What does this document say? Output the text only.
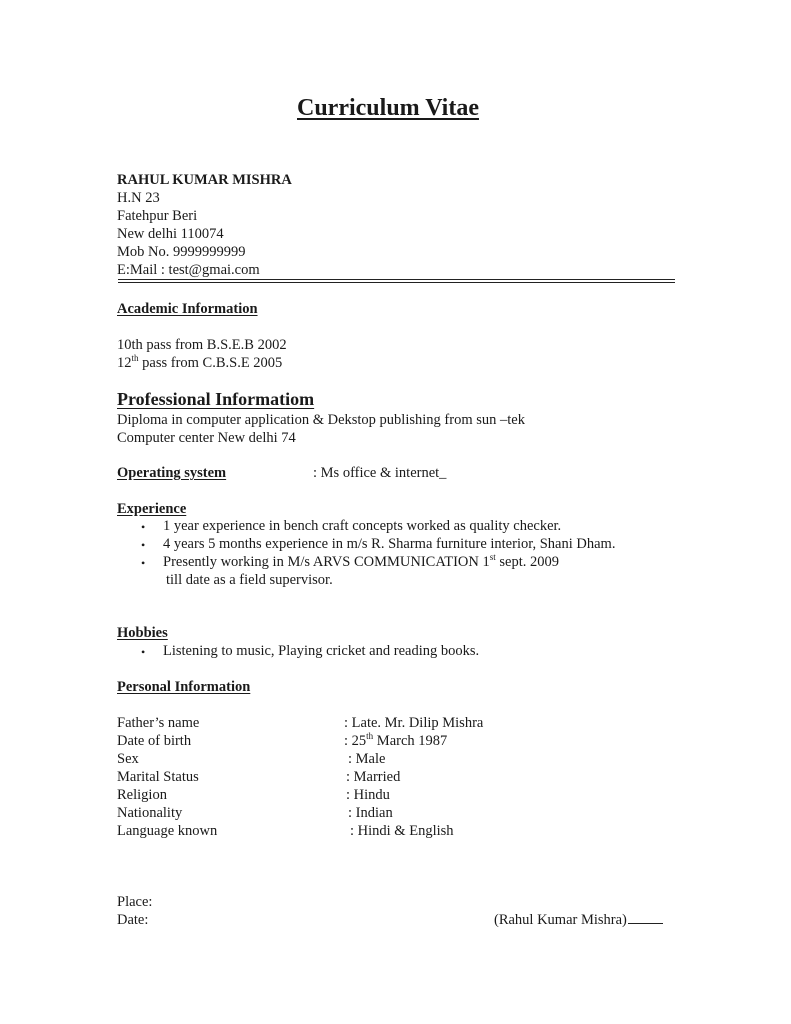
Curriculum Vitae
RAHUL KUMAR MISHRA
H.N 23
Fatehpur Beri
New delhi 110074
Mob No. 9999999999
E:Mail : test@gmai.com
Academic Information
10th pass from B.S.E.B 2002
12th pass from C.B.S.E 2005
Professional Informatiom
Diploma in computer application & Dekstop publishing from sun –tek
Computer center New delhi 74
Operating system	: Ms office & internet_
Experience
• 1 year experience in bench craft concepts worked as quality checker.
• 4 years 5 months experience in m/s R. Sharma furniture interior, Shani Dham.
• Presently working in M/s ARVS COMMUNICATION 1st sept. 2009
till date as a field supervisor.
Hobbies
• Listening to music, Playing cricket and reading books.
Personal Information
Father’s name	: Late. Mr. Dilip Mishra
Date of birth	: 25th March 1987
Sex	: Male
Marital Status	: Married
Religion	: Hindu
Nationality	: Indian
Language known	: Hindi & English
Place:
Date:	(Rahul Kumar Mishra)
